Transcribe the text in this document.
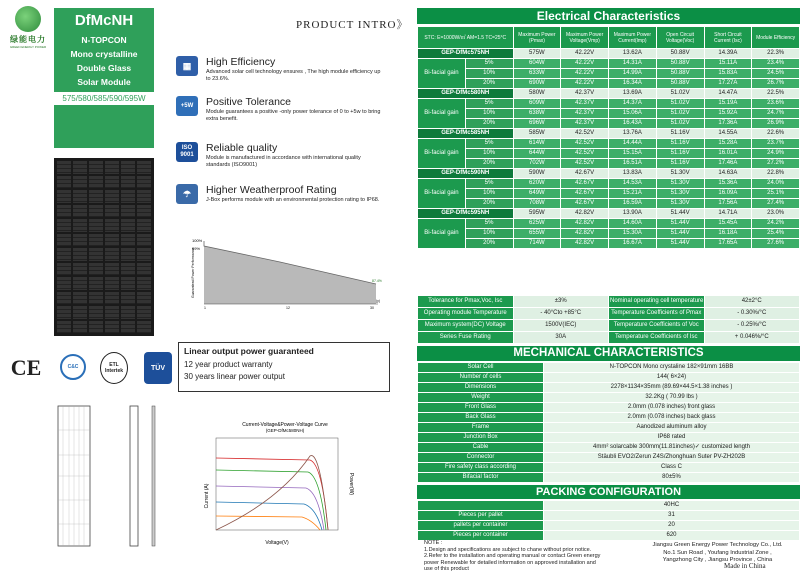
绿能电力
GREEN ENERGY POWER
DfMcNH
N-TOPCON
Mono crystalline
Double Glass
Solar Module
575/580/585/590/595W
PRODUCT INTRO》
▦	High Efficiency
Advanced solar cell technology ensures , The high module efficiency up to 23.6%.
+5W	Positive Tolerance
Module guarantees a positive -only power tolerance of 0 to +5w to bring extra benefit.
ISO 9001
Reliable quality
Module is manufactured in accordance with international quality standards (ISO9001)
☂	Higher Weatherproof Rating
J-Box performs module with an environmental protection rating to IP68.
100%
99%
Guaranteed Power Performance	87.4%
1	12	30
(y)
Linear output power guaranteed
12 year product warranty
30 years linear power output
CE	C&C	ETL Intertek	TÜV
Current-Voltage&Power-Voltage Curve
(GEP-DfMc580NH)
Voltage(V)
Current (A)	Power(W)
Electrical Characteristics
STC: E=1000W/㎡ AM=1.5 TC=25°C		Maximum Power (Pmax)	Maximum Power Voltage(Vmp)	Maximum Power Current(Imp)	Open Circuit Voltage(Voc)	Short Circuit Current (Isc)	Module Efficiency
GEP-DfMc575NH		575W	42.22V	13.62A	50.88V	14.39A	22.3%
Bi-facial gain	5%	604W	42.22V	14.31A	50.88V	15.11A	23.4%
	10%	633W	42.22V	14.99A	50.88V	15.83A	24.5%
	20%	690W	42.22V	16.34A	50.88V	17.27A	26.7%
GEP-DfMc580NH		580W	42.37V	13.69A	51.02V	14.47A	22.5%
Bi-facial gain	5%	609W	42.37V	14.37A	51.02V	15.19A	23.6%
	10%	638W	42.37V	15.06A	51.02V	15.92A	24.7%
	20%	696W	42.37V	16.43A	51.02V	17.36A	26.9%
GEP-DfMc585NH		585W	42.52V	13.76A	51.16V	14.55A	22.6%
Bi-facial gain	5%	614W	42.52V	14.44A	51.16V	15.28A	23.7%
	10%	644W	42.52V	15.15A	51.16V	16.01A	24.9%
	20%	702W	42.52V	16.51A	51.16V	17.46A	27.2%
GEP-DfMc590NH		590W	42.67V	13.83A	51.30V	14.63A	22.8%
Bi-facial gain	5%	620W	42.67V	14.53A	51.30V	15.36A	24.0%
	10%	649W	42.67V	15.21A	51.30V	16.09A	25.1%
	20%	708W	42.67V	16.59A	51.30V	17.56A	27.4%
GEP-DfMc595NH		595W	42.82V	13.90A	51.44V	14.71A	23.0%
Bi-facial gain	5%	625W	42.82V	14.60A	51.44V	15.45A	24.2%
	10%	655W	42.82V	15.30A	51.44V	16.18A	25.4%
	20%	714W	42.82V	16.67A	51.44V	17.65A	27.6%
Tolerance for Pmax,Voc, Isc	±3%	Nominal operating cell temperature	42±2°C
Operating module Temperature	- 40°Cto +85°C	Temperature Coefficients of Pmax	- 0.30%/°C
Maximum system(DC) Voltage	1500V(IEC)	Temperature Coefficients of Voc	- 0.25%/°C
Series Fuse Rating	30A	Temperature Coefficients of Isc	+ 0.046%/°C
MECHANICAL CHARACTERISTICS
Solar Cell	N-TOPCON Mono crystaline 182×91mm 16BB
Number of cells	144( 6×24)
Dimensions	2278×1134×35mm (89.69×44.5×1.38 inches )
Weight	32.2Kg ( 70.99 lbs )
Front Glass	2.0mm (0.078 inches) front glass
Back Glass	2.0mm (0.078 inches) back glass
Frame	Aanodized aluminum alloy
Junction Box	IP68 rated
Cable	4mm² solarcable 300mm(11.81inches)✓ customized length
Connector	Stäubli EVO2/Zerun Z4S/Zhonghuan Suter PV-ZH202B
Fire safety class according	Class C
Bifacial factor	80±5%
PACKING CONFIGURATION
	40HC
Pieces per pallet	31
pallets per container	20
Pieces per container	620
NOTE :
1.Design and specifications are subject to chane without prior notice.
2.Refer to the installation and operating manual or contact Green energy
power Renewable for detailed information on approved installation and
use of this product
Jiangsu Green Energy Power Technology Co., Ltd.
No.1 Sun Road , Youfang Industrial Zone ,
Yangzhong City , Jiangsu Province , China
Made in China
